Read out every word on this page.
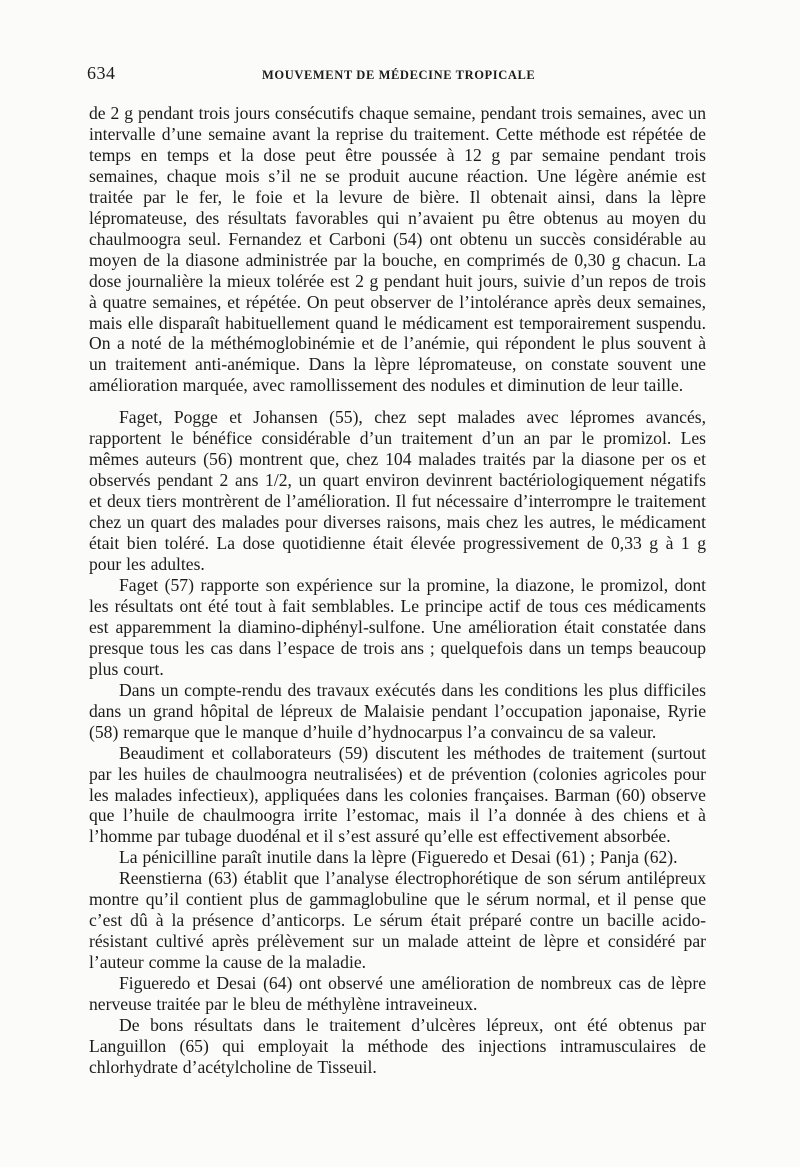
634	MOUVEMENT DE MÉDECINE TROPICALE

de 2 g pendant trois jours consécutifs chaque semaine, pendant trois semaines, avec un intervalle d’une semaine avant la reprise du traitement. Cette méthode est répétée de temps en temps et la dose peut être poussée à 12 g par semaine pendant trois semaines, chaque mois s’il ne se produit aucune réaction. Une légère anémie est traitée par le fer, le foie et la levure de bière. Il obtenait ainsi, dans la lèpre lépromateuse, des résultats favorables qui n’avaient pu être obtenus au moyen du chaulmoogra seul. Fernandez et Carboni (54) ont obtenu un succès considérable au moyen de la diasone administrée par la bouche, en comprimés de 0,30 g chacun. La dose journalière la mieux tolérée est 2 g pendant huit jours, suivie d’un repos de trois à quatre semaines, et répétée. On peut observer de l’intolérance après deux semaines, mais elle disparaît habituellement quand le médicament est temporairement suspendu. On a noté de la méthémoglobinémie et de l’anémie, qui répondent le plus souvent à un traitement anti-anémique. Dans la lèpre lépromateuse, on constate souvent une amélioration marquée, avec ramollissement des nodules et diminution de leur taille.

Faget, Pogge et Johansen (55), chez sept malades avec lépromes avancés, rapportent le bénéfice considérable d’un traitement d’un an par le promizol. Les mêmes auteurs (56) montrent que, chez 104 malades traités par la diasone per os et observés pendant 2 ans 1/2, un quart environ devinrent bactériologiquement négatifs et deux tiers montrèrent de l’amélioration. Il fut nécessaire d’interrompre le traitement chez un quart des malades pour diverses raisons, mais chez les autres, le médicament était bien toléré. La dose quotidienne était élevée progressivement de 0,33 g à 1 g pour les adultes.

Faget (57) rapporte son expérience sur la promine, la diazone, le promizol, dont les résultats ont été tout à fait semblables. Le principe actif de tous ces médicaments est apparemment la diamino-diphényl-sulfone. Une amélioration était constatée dans presque tous les cas dans l’espace de trois ans ; quelquefois dans un temps beaucoup plus court.

Dans un compte-rendu des travaux exécutés dans les conditions les plus difficiles dans un grand hôpital de lépreux de Malaisie pendant l’occupation japonaise, Ryrie (58) remarque que le manque d’huile d’hydnocarpus l’a convaincu de sa valeur.

Beaudiment et collaborateurs (59) discutent les méthodes de traitement (surtout par les huiles de chaulmoogra neutralisées) et de prévention (colonies agricoles pour les malades infectieux), appliquées dans les colonies françaises. Barman (60) observe que l’huile de chaulmoogra irrite l’estomac, mais il l’a donnée à des chiens et à l’homme par tubage duodénal et il s’est assuré qu’elle est effectivement absorbée.

La pénicilline paraît inutile dans la lèpre (Figueredo et Desai (61) ; Panja (62).

Reenstierna (63) établit que l’analyse électrophorétique de son sérum antilépreux montre qu’il contient plus de gammaglobuline que le sérum normal, et il pense que c’est dû à la présence d’anticorps. Le sérum était préparé contre un bacille acido-résistant cultivé après prélèvement sur un malade atteint de lèpre et considéré par l’auteur comme la cause de la maladie.

Figueredo et Desai (64) ont observé une amélioration de nombreux cas de lèpre nerveuse traitée par le bleu de méthylène intraveineux.

De bons résultats dans le traitement d’ulcères lépreux, ont été obtenus par Languillon (65) qui employait la méthode des injections intramusculaires de chlorhydrate d’acétylcholine de Tisseuil.
